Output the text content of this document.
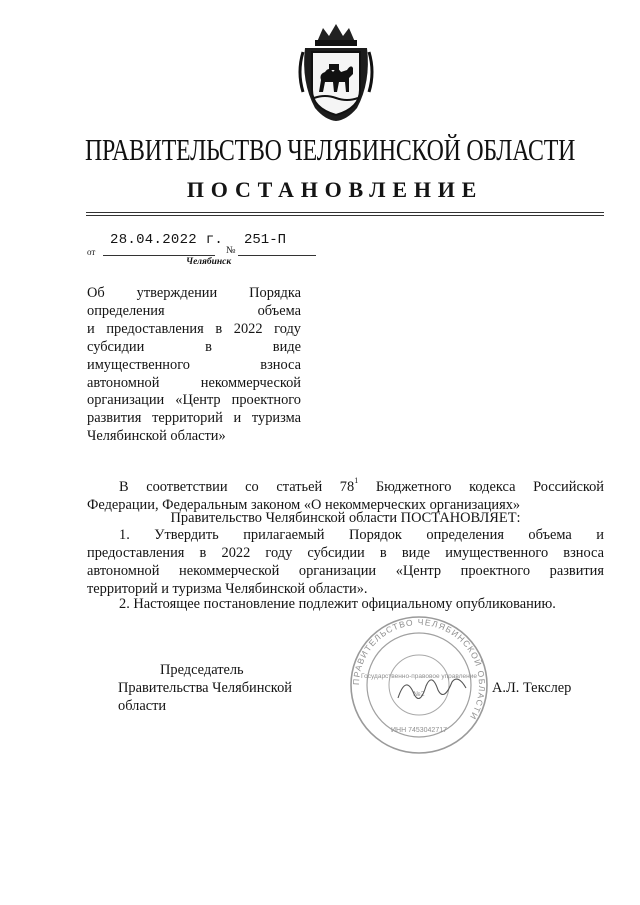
ПРАВИТЕЛЬСТВО ЧЕЛЯБИНСКОЙ ОБЛАСТИ
ПОСТАНОВЛЕНИЕ
от
28.04.2022 г.
№
251-П
Челябинск
Об утверждении Порядка
определения объема
и предоставления в 2022 году
субсидии в виде
имущественного взноса
автономной некоммерческой
организации «Центр проектного
развития территорий и туризма
Челябинской области»
В соответствии со статьей $78^1$ Бюджетного кодекса Российской
Федерации, Федеральным законом «О некоммерческих организациях»
Правительство Челябинской области ПОСТАНОВЛЯЕТ:
1. Утвердить прилагаемый Порядок определения объема и
предоставления в 2022 году субсидии в виде имущественного взноса
автономной некоммерческой организации «Центр проектного развития
территорий и туризма Челябинской области».
2. Настоящее постановление подлежит официальному опубликованию.
Председатель
Правительства Челябинской области
ПРАВИТЕЛЬСТВО ЧЕЛЯБИНСКОЙ ОБЛАСТИ
Государственно-правовое управление
№2
ИНН 7453042717
А.Л. Текслер
